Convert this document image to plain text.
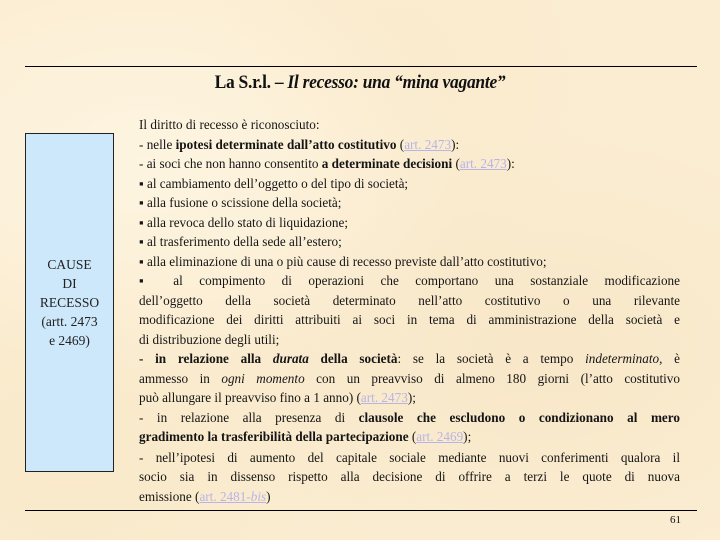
La S.r.l. – Il recesso: una “mina vagante”
CAUSE
DI
RECESSO
(artt. 2473
e 2469)
Il diritto di recesso è riconosciuto:
- nelle ipotesi determinate dall’atto costitutivo (art. 2473):
- ai soci che non hanno consentito a determinate decisioni (art. 2473):
▪ al cambiamento dell’oggetto o del tipo di società;
▪ alla fusione o scissione della società;
▪ alla revoca dello stato di liquidazione;
▪ al trasferimento della sede all’estero;
▪ alla eliminazione di una o più cause di recesso previste dall’atto costitutivo;
▪ al compimento di operazioni che comportano una sostanziale modificazione
dell’oggetto della società determinato nell’atto costitutivo o una rilevante
modificazione dei diritti attribuiti ai soci in tema di amministrazione della società e
di distribuzione degli utili;
- in relazione alla durata della società: se la società è a tempo indeterminato, è
ammesso in ogni momento con un preavviso di almeno 180 giorni (l’atto costitutivo
può allungare il preavviso fino a 1 anno) (art. 2473);
- in relazione alla presenza di clausole che escludono o condizionano al mero
gradimento la trasferibilità della partecipazione (art. 2469);
- nell’ipotesi di aumento del capitale sociale mediante nuovi conferimenti qualora il
socio sia in dissenso rispetto alla decisione di offrire a terzi le quote di nuova
emissione (art. 2481-bis)
61
